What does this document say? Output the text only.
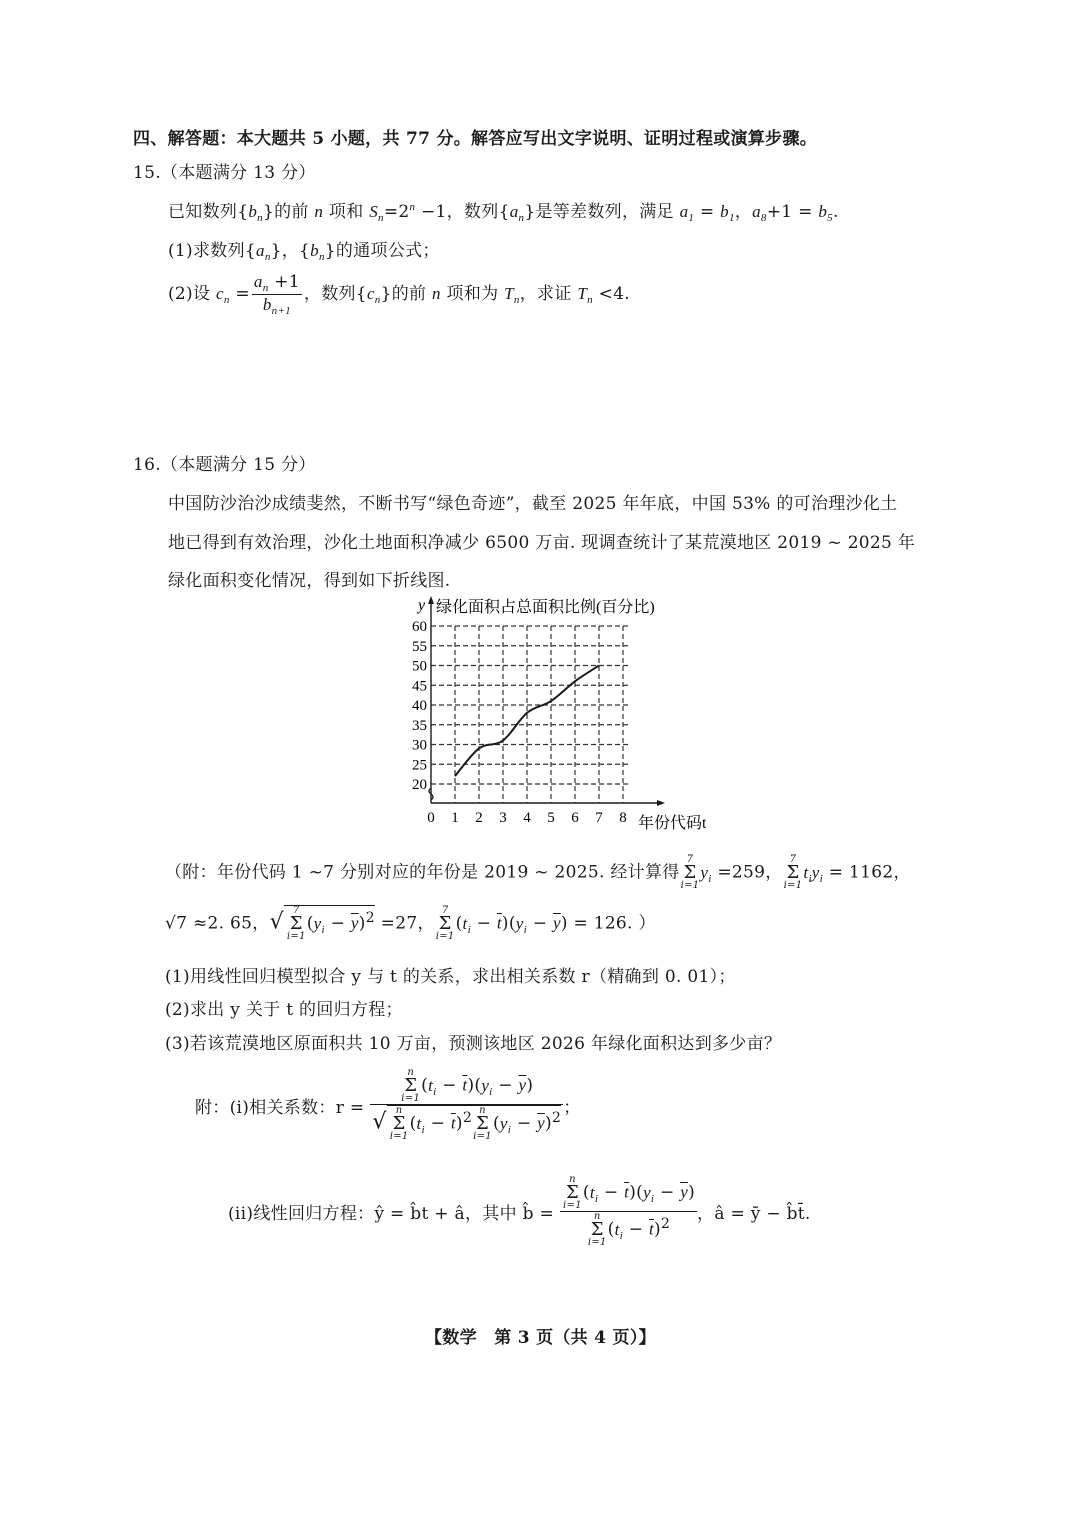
四、解答题：本大题共 5 小题，共 77 分。解答应写出文字说明、证明过程或演算步骤。
15.（本题满分 13 分）
已知数列$\{b_n\}$的前 n 项和 $S_n=2^n -1$，数列$\{a_n\}$是等差数列，满足 $a_1 = b_1$，$a_8+1 = b_5$.
(1)求数列$\{a_n\}$，$\{b_n\}$的通项公式；
(2)设 $c_n = \frac{a_n +1}{b_{n+1}}$ ，数列$\{c_n\}$的前 n 项和为 $T_n$，求证 $T_n <4$.
16.（本题满分 15 分）
中国防沙治沙成绩斐然，不断书写“绿色奇迹”，截至 2025 年年底，中国 53% 的可治理沙化土
地已得到有效治理，沙化土地面积净减少 6500 万亩. 现调查统计了某荒漠地区 2019 ~ 2025 年
绿化面积变化情况，得到如下折线图.
20
25
30
35
40
45
50
55
60
0 1 2 3 4 5 6 7 8
y 绿化面积占总面积比例(百分比)
年份代码t
（附：年份代码 1 ~7 分别对应的年份是 2019 ~ 2025. 经计算得
7
Σ
i=1
$y_i =259$，
7
Σ
i=1
$t_iy_i = 1162$，
√7 ≈2. 65，√ 7
Σ
i=1
$(y_i - \overline{y})^2 =27$，
7
Σ
i=1
$(t_i - \overline{t})(y_i - \overline{y}) = 126$. ）
(1)用线性回归模型拟合 y 与 t 的关系，求出相关系数 r（精确到 0. 01）；
(2)求出 y 关于 t 的回归方程；
(3)若该荒漠地区原面积共 10 万亩，预测该地区 2026 年绿化面积达到多少亩？
附：(i)相关系数：r = n
Σ
i=1
$(t_i - \overline{t})(y_i - \overline{y})$
√ n
Σ
i=1
$(t_i - \overline{t})^2$ n
Σ
i=1
$(y_i - \overline{y})^2$ ；
(ii)线性回归方程：ŷ = b̂t + â，其中 b̂ = n
Σ
i=1
$(t_i - \overline{t})(y_i - \overline{y})$
n
Σ
i=1
$(t_i - \overline{t})^2$ ，â = ȳ − b̂t̄.
【数学　第 3 页（共 4 页）】
